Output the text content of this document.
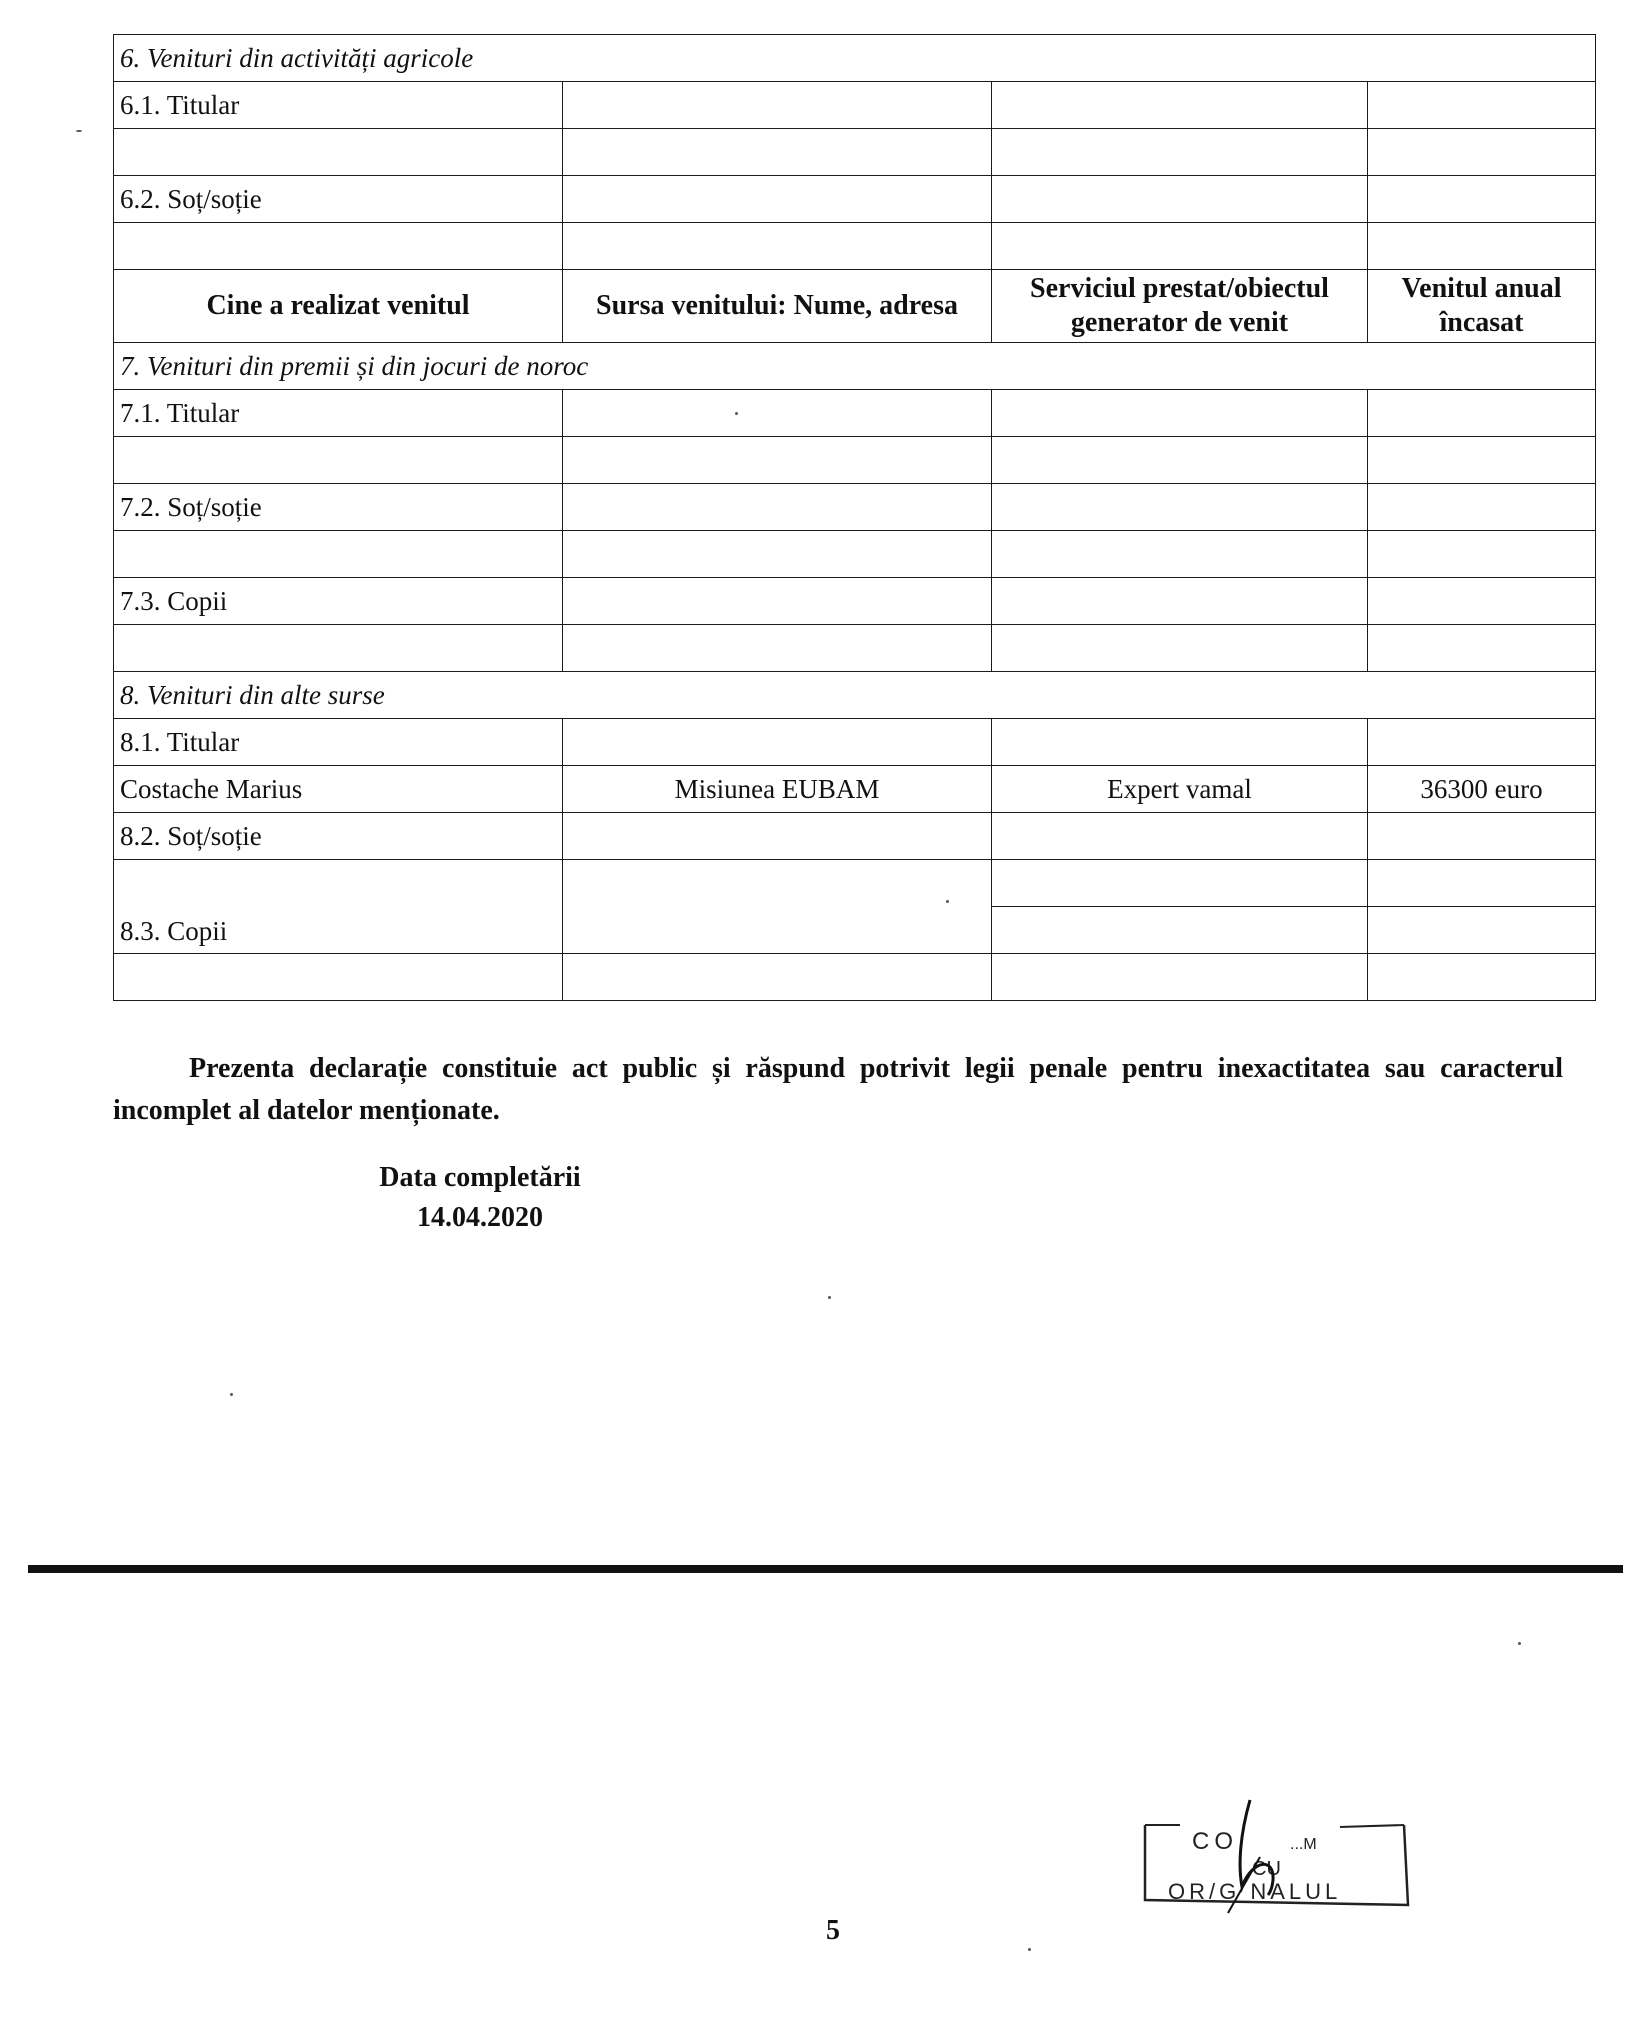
6. Venituri din activități agricole			
6.1. Titular			

6.2. Soț/soție			

Cine a realizat venitul	Sursa venitului: Nume, adresa	Serviciul prestat/obiectul generator de venit	Venitul anual încasat
7. Venituri din premii și din jocuri de noroc			
7.1. Titular			

7.2. Soț/soție			

7.3. Copii			

8. Venituri din alte surse			
8.1. Titular			
Costache Marius	Misiunea EUBAM	Expert vamal	36300 euro
8.2. Soț/soție			
8.3. Copii			

Prezenta declarație constituie act public și răspund potrivit legii penale pentru inexactitatea sau caracterul incomplet al datelor menționate.

Data completării
14.04.2020
5
CO	...M
CU
OR/G NALUL
